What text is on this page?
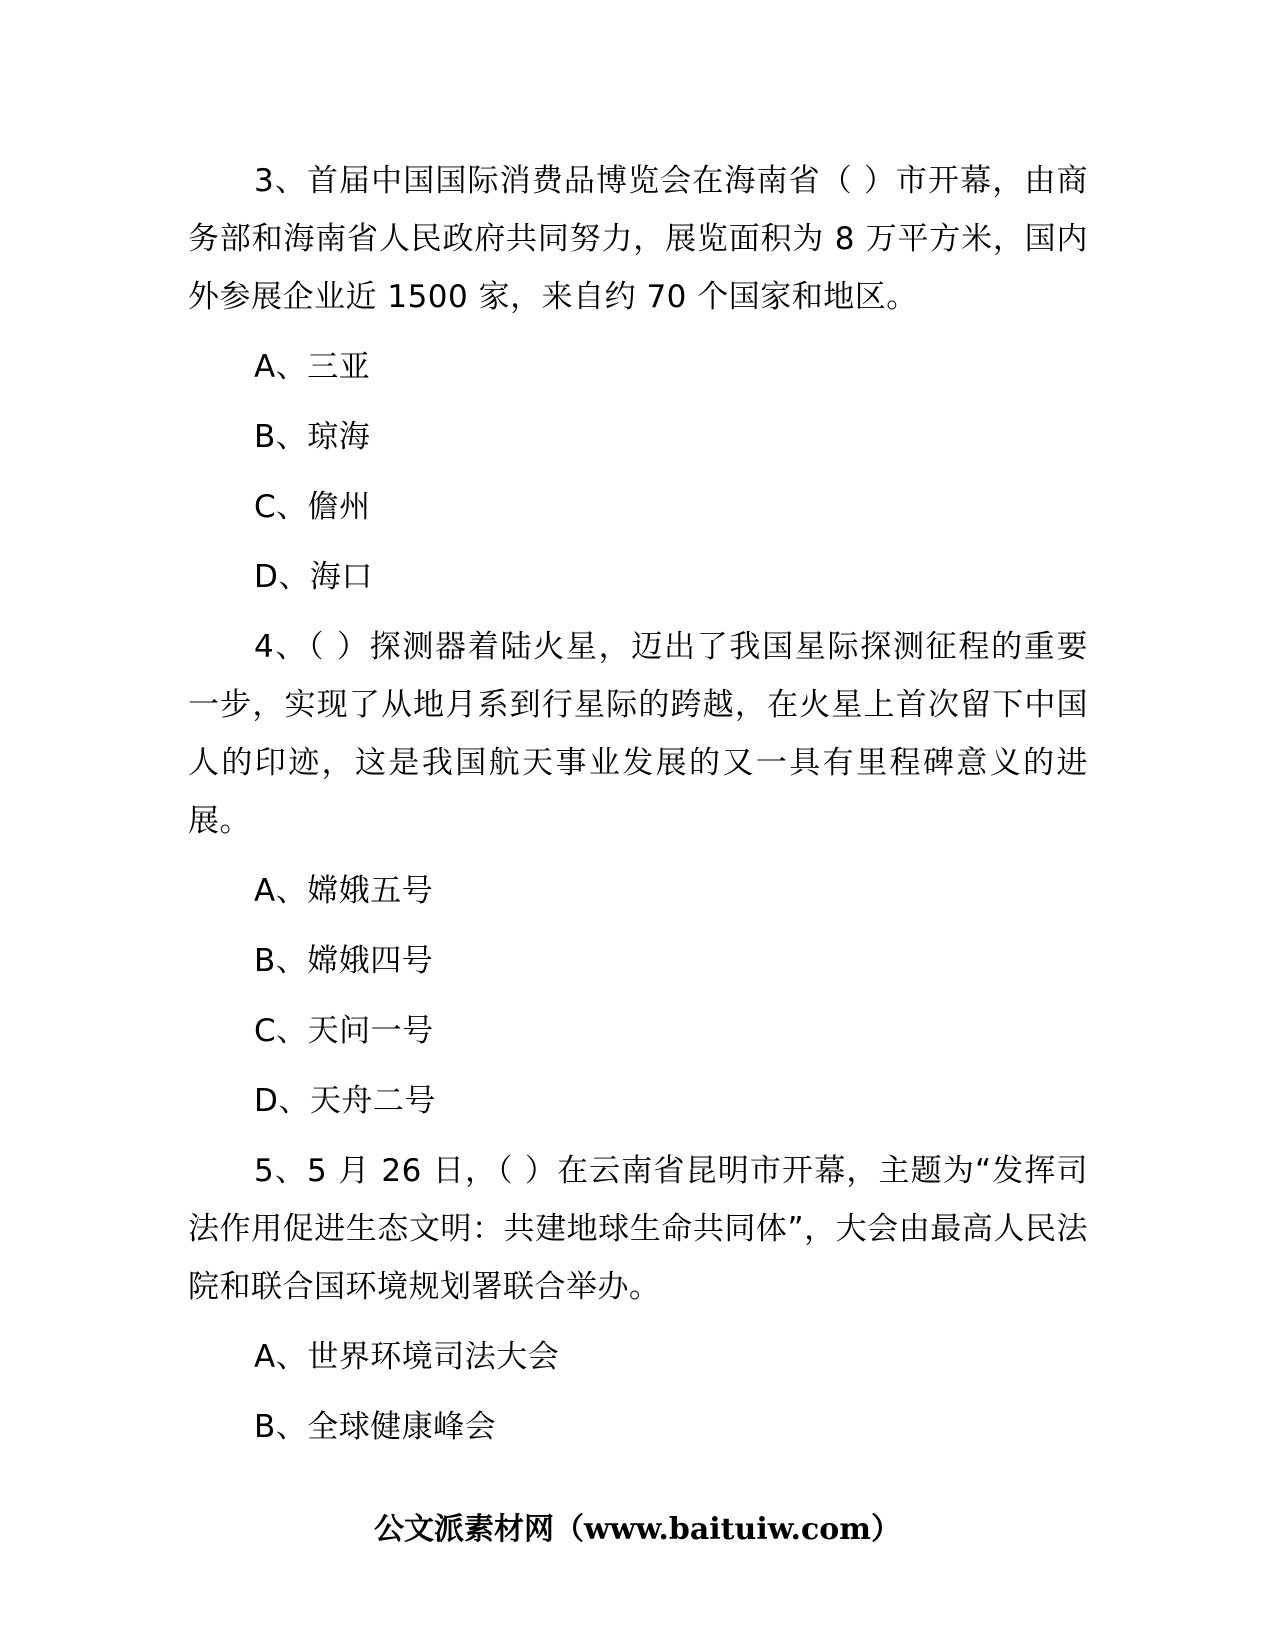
3、首届中国国际消费品博览会在海南省（ ）市开幕，由商务部和海南省人民政府共同努力，展览面积为 8 万平方米，国内外参展企业近 1500 家，来自约 70 个国家和地区。

A、三亚

B、琼海

C、儋州

D、海口

4、（ ）探测器着陆火星，迈出了我国星际探测征程的重要一步，实现了从地月系到行星际的跨越，在火星上首次留下中国人的印迹，这是我国航天事业发展的又一具有里程碑意义的进展。

A、嫦娥五号

B、嫦娥四号

C、天问一号

D、天舟二号

5、5 月 26 日，（ ）在云南省昆明市开幕，主题为“发挥司法作用促进生态文明：共建地球生命共同体”，大会由最高人民法院和联合国环境规划署联合举办。

A、世界环境司法大会

B、全球健康峰会

公文派素材网（www.baituiw.com）
